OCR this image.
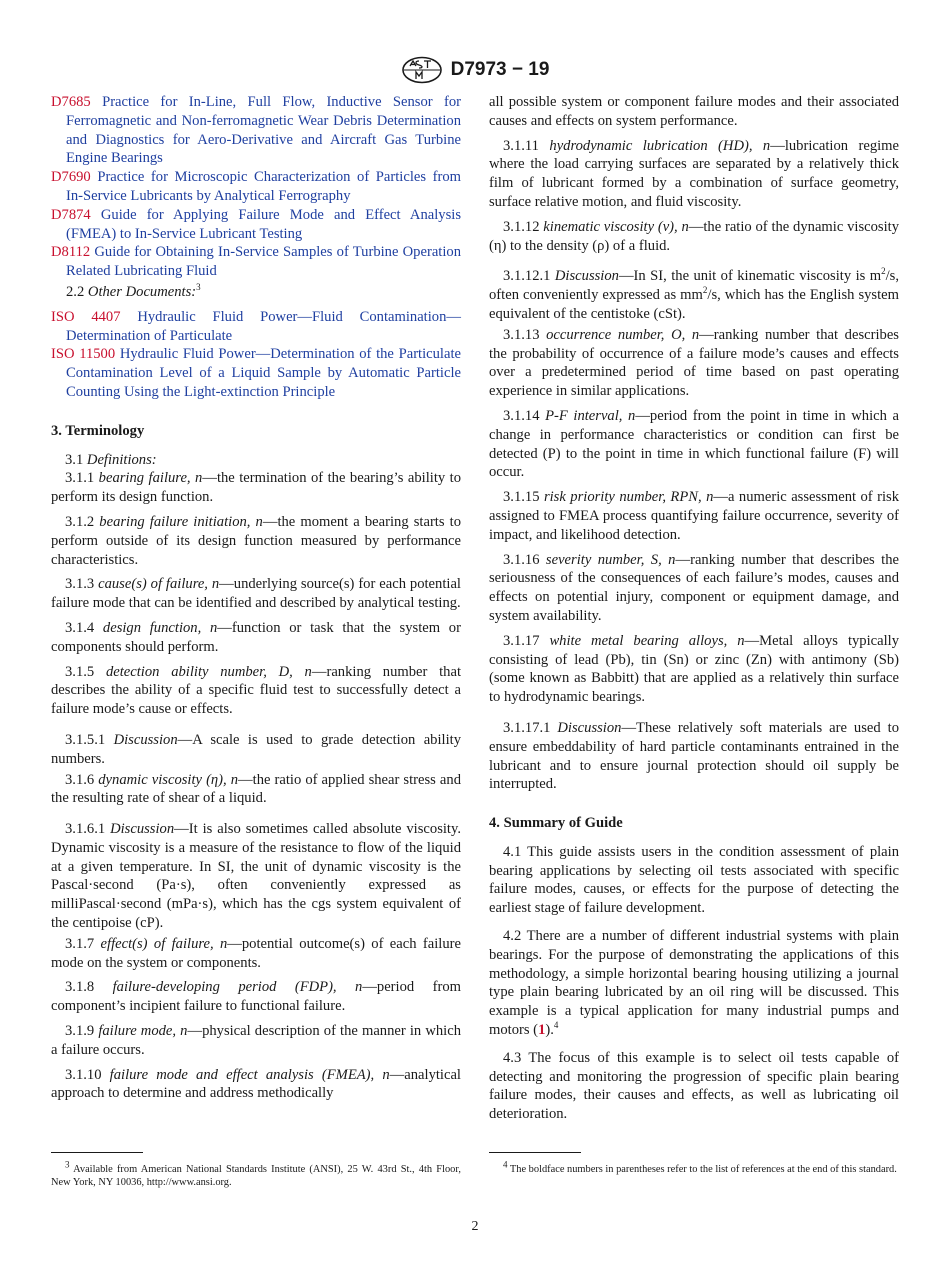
D7973 − 19

D7685 Practice for In-Line, Full Flow, Inductive Sensor for Ferromagnetic and Non-ferromagnetic Wear Debris Determination and Diagnostics for Aero-Derivative and Aircraft Gas Turbine Engine Bearings

D7690 Practice for Microscopic Characterization of Particles from In-Service Lubricants by Analytical Ferrography

D7874 Guide for Applying Failure Mode and Effect Analysis (FMEA) to In-Service Lubricant Testing

D8112 Guide for Obtaining In-Service Samples of Turbine Operation Related Lubricating Fluid

2.2 Other Documents:$^3$

ISO 4407 Hydraulic Fluid Power—Fluid Contamination—Determination of Particulate

ISO 11500 Hydraulic Fluid Power—Determination of the Particulate Contamination Level of a Liquid Sample by Automatic Particle Counting Using the Light-extinction Principle

3. Terminology

3.1 Definitions:

3.1.1 bearing failure, n—the termination of the bearing’s ability to perform its design function.

3.1.2 bearing failure initiation, n—the moment a bearing starts to perform outside of its design function measured by performance characteristics.

3.1.3 cause(s) of failure, n—underlying source(s) for each potential failure mode that can be identified and described by analytical testing.

3.1.4 design function, n—function or task that the system or components should perform.

3.1.5 detection ability number, D, n—ranking number that describes the ability of a specific fluid test to successfully detect a failure mode’s cause or effects.

3.1.5.1 Discussion—A scale is used to grade detection ability numbers.

3.1.6 dynamic viscosity (η), n—the ratio of applied shear stress and the resulting rate of shear of a liquid.

3.1.6.1 Discussion—It is also sometimes called absolute viscosity. Dynamic viscosity is a measure of the resistance to flow of the liquid at a given temperature. In SI, the unit of dynamic viscosity is the Pascal·second (Pa·s), often conveniently expressed as milliPascal·second (mPa·s), which has the cgs system equivalent of the centipoise (cP).

3.1.7 effect(s) of failure, n—potential outcome(s) of each failure mode on the system or components.

3.1.8 failure-developing period (FDP), n—period from component’s incipient failure to functional failure.

3.1.9 failure mode, n—physical description of the manner in which a failure occurs.

3.1.10 failure mode and effect analysis (FMEA), n—analytical approach to determine and address methodically

all possible system or component failure modes and their associated causes and effects on system performance.

3.1.11 hydrodynamic lubrication (HD), n—lubrication regime where the load carrying surfaces are separated by a relatively thick film of lubricant formed by a combination of surface geometry, surface relative motion, and fluid viscosity.

3.1.12 kinematic viscosity (v), n—the ratio of the dynamic viscosity (η) to the density (ρ) of a fluid.

3.1.12.1 Discussion—In SI, the unit of kinematic viscosity is $m^2/s$, often conveniently expressed as $mm^2/s$, which has the English system equivalent of the centistoke (cSt).

3.1.13 occurrence number, O, n—ranking number that describes the probability of occurrence of a failure mode’s causes and effects over a predetermined period of time based on past operating experience in similar applications.

3.1.14 P-F interval, n—period from the point in time in which a change in performance characteristics or condition can first be detected (P) to the point in time in which functional failure (F) will occur.

3.1.15 risk priority number, RPN, n—a numeric assessment of risk assigned to FMEA process quantifying failure occurrence, severity of impact, and likelihood detection.

3.1.16 severity number, S, n—ranking number that describes the seriousness of the consequences of each failure’s modes, causes and effects on potential injury, component or equipment damage, and system availability.

3.1.17 white metal bearing alloys, n—Metal alloys typically consisting of lead (Pb), tin (Sn) or zinc (Zn) with antimony (Sb) (some known as Babbitt) that are applied as a relatively thin surface to hydrodynamic bearings.

3.1.17.1 Discussion—These relatively soft materials are used to ensure embeddability of hard particle contaminants entrained in the lubricant and to ensure journal protection should oil supply be interrupted.

4. Summary of Guide

4.1 This guide assists users in the condition assessment of plain bearing applications by selecting oil tests associated with specific failure modes, causes, or effects for the purpose of detecting the earliest stage of failure development.

4.2 There are a number of different industrial systems with plain bearings. For the purpose of demonstrating the applications of this methodology, a simple horizontal bearing housing utilizing a journal type plain bearing lubricated by an oil ring will be discussed. This example is a typical application for many industrial pumps and motors (1).$^4$

4.3 The focus of this example is to select oil tests capable of detecting and monitoring the progression of specific plain bearing failure modes, their causes and effects, as well as lubricating oil deterioration.

$^3$ Available from American National Standards Institute (ANSI), 25 W. 43rd St., 4th Floor, New York, NY 10036, http://www.ansi.org.
$^4$ The boldface numbers in parentheses refer to the list of references at the end of this standard.
2
